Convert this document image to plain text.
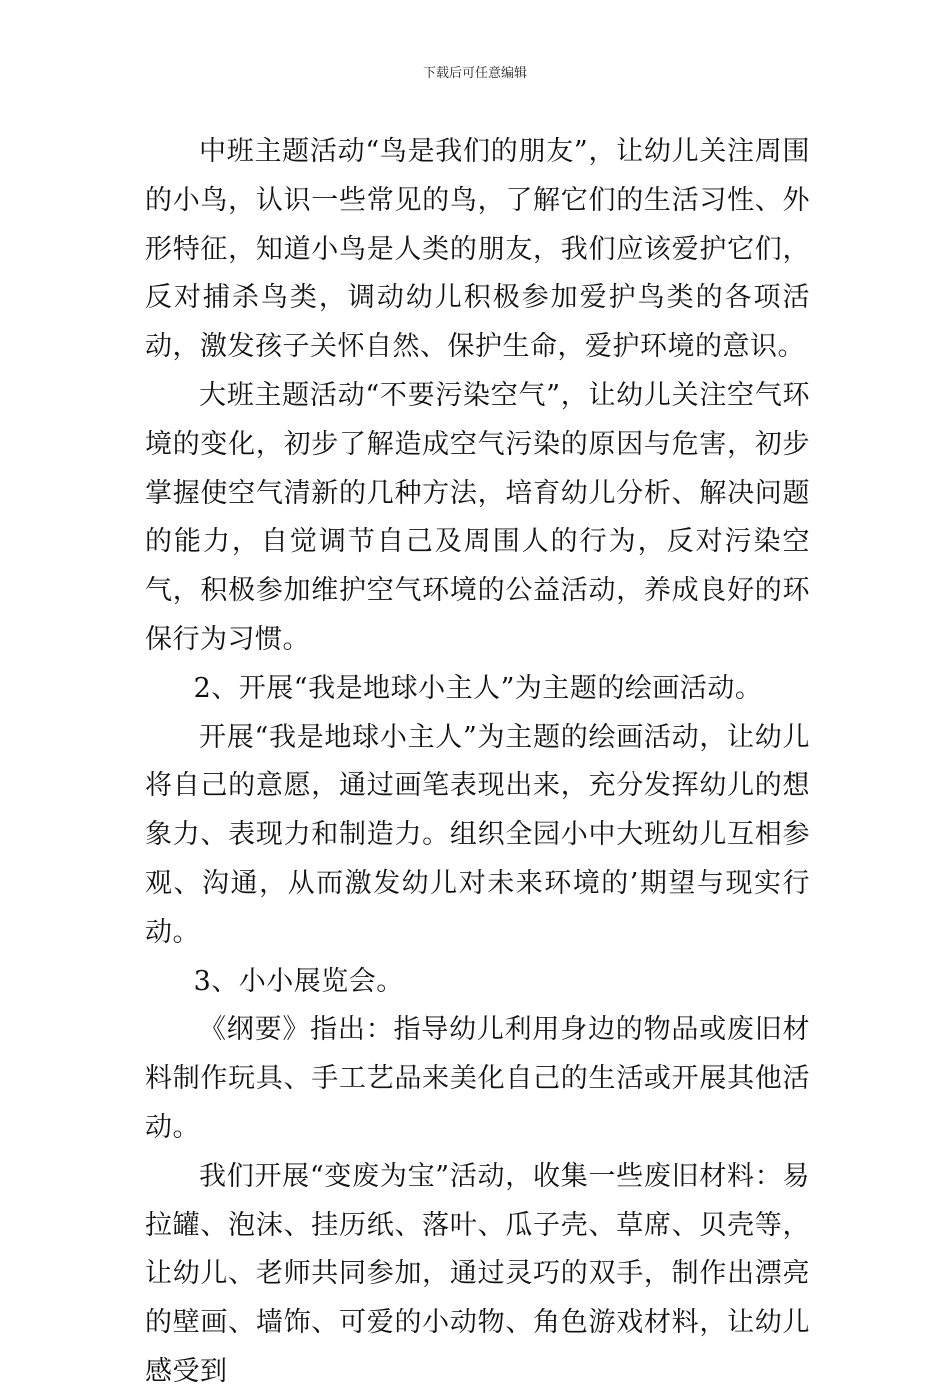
下载后可任意编辑

中班主题活动“鸟是我们的朋友”，让幼儿关注周围的小鸟，认识一些常见的鸟，了解它们的生活习性、外形特征，知道小鸟是人类的朋友，我们应该爱护它们，反对捕杀鸟类，调动幼儿积极参加爱护鸟类的各项活动，激发孩子关怀自然、保护生命，爱护环境的意识。

大班主题活动“不要污染空气”，让幼儿关注空气环境的变化，初步了解造成空气污染的原因与危害，初步掌握使空气清新的几种方法，培育幼儿分析、解决问题的能力，自觉调节自己及周围人的行为，反对污染空气，积极参加维护空气环境的公益活动，养成良好的环保行为习惯。

2、开展“我是地球小主人”为主题的绘画活动。

开展“我是地球小主人”为主题的绘画活动，让幼儿将自己的意愿，通过画笔表现出来，充分发挥幼儿的想象力、表现力和制造力。组织全园小中大班幼儿互相参观、沟通，从而激发幼儿对未来环境的’期望与现实行动。

3、小小展览会。

《纲要》指出：指导幼儿利用身边的物品或废旧材料制作玩具、手工艺品来美化自己的生活或开展其他活动。

我们开展“变废为宝”活动，收集一些废旧材料：易拉罐、泡沫、挂历纸、落叶、瓜子壳、草席、贝壳等，让幼儿、老师共同参加，通过灵巧的双手，制作出漂亮的壁画、墙饰、可爱的小动物、角色游戏材料，让幼儿感受到
